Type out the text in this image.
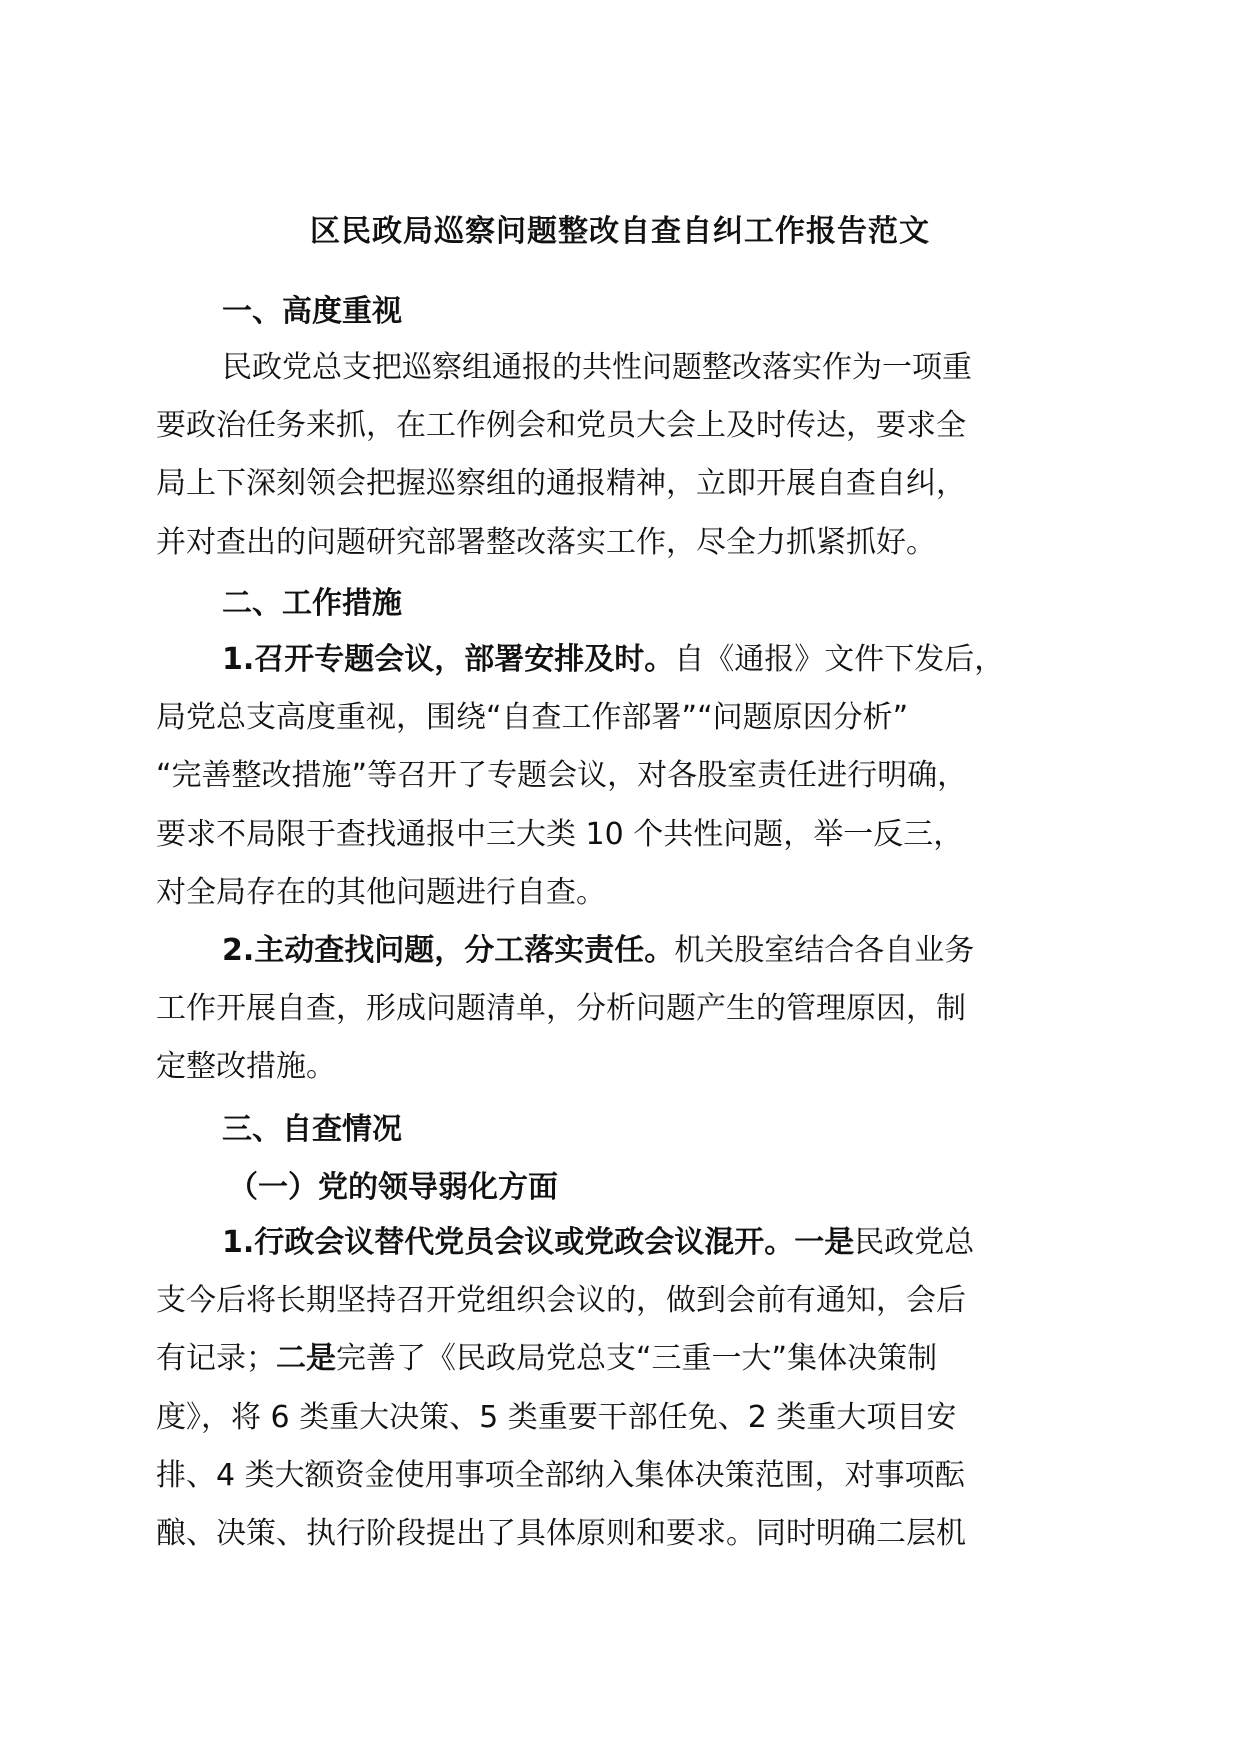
区民政局巡察问题整改自查自纠工作报告范文
一、高度重视
民政党总支把巡察组通报的共性问题整改落实作为一项重
要政治任务来抓，在工作例会和党员大会上及时传达，要求全
局上下深刻领会把握巡察组的通报精神，立即开展自查自纠，
并对查出的问题研究部署整改落实工作，尽全力抓紧抓好。
二、工作措施
1.召开专题会议，部署安排及时。自《通报》文件下发后，
局党总支高度重视，围绕“自查工作部署”“问题原因分析”
“完善整改措施”等召开了专题会议，对各股室责任进行明确，
要求不局限于查找通报中三大类 10 个共性问题，举一反三，
对全局存在的其他问题进行自查。
2.主动查找问题，分工落实责任。机关股室结合各自业务
工作开展自查，形成问题清单，分析问题产生的管理原因，制
定整改措施。
三、自查情况
（一）党的领导弱化方面
1.行政会议替代党员会议或党政会议混开。一是民政党总
支今后将长期坚持召开党组织会议的，做到会前有通知，会后
有记录；二是完善了《民政局党总支“三重一大”集体决策制
度》，将 6 类重大决策、5 类重要干部任免、2 类重大项目安
排、4 类大额资金使用事项全部纳入集体决策范围，对事项酝
酿、决策、执行阶段提出了具体原则和要求。同时明确二层机
